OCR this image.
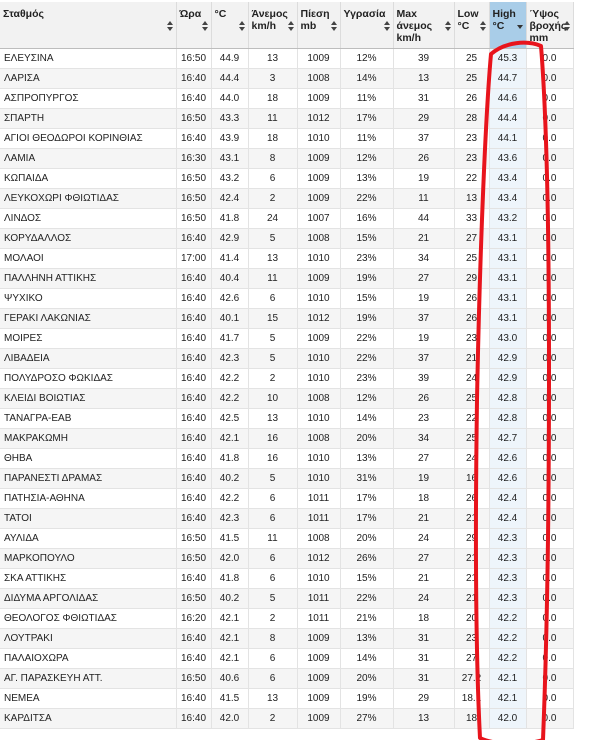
Σταθμός	Ώρα	°C	Άνεμος km/h	Πίεση mb	Υγρασία	Max άνεμος km/h	Low °C	High °C	Ύψος βροχής mm

ΕΛΕΥΣΙΝΑ	16:50	44.9	13	1009	12%	39	25	45.3	0.0
ΛΑΡΙΣΑ	16:40	44.4	3	1008	14%	13	25	44.7	0.0
ΑΣΠΡΟΠΥΡΓΟΣ	16:40	44.0	18	1009	11%	31	26	44.6	0.0
ΣΠΑΡΤΗ	16:50	43.3	11	1012	17%	29	28	44.4	0.0
ΑΓΙΟΙ ΘΕΟΔΩΡΟΙ ΚΟΡΙΝΘΙΑΣ	16:40	43.9	18	1010	11%	37	23	44.1	0.0
ΛΑΜΙΑ	16:30	43.1	8	1009	12%	26	23	43.6	0.0
ΚΩΠΑΙΔΑ	16:50	43.2	6	1009	13%	19	22	43.4	0.0
ΛΕΥΚΟΧΩΡΙ ΦΘΙΩΤΙΔΑΣ	16:50	42.4	2	1009	22%	11	13	43.4	0.0
ΛΙΝΔΟΣ	16:50	41.8	24	1007	16%	44	33	43.2	0.0
ΚΟΡΥΔΑΛΛΟΣ	16:40	42.9	5	1008	15%	21	27	43.1	0.0
ΜΟΛΑΟΙ	17:00	41.4	13	1010	23%	34	25	43.1	0.0
ΠΑΛΛΗΝΗ ΑΤΤΙΚΗΣ	16:40	40.4	11	1009	19%	27	29	43.1	0.0
ΨΥΧΙΚΟ	16:40	42.6	6	1010	15%	19	26	43.1	0.0
ΓΕΡΑΚΙ ΛΑΚΩΝΙΑΣ	16:40	40.1	15	1012	19%	37	26	43.1	0.0
ΜΟΙΡΕΣ	16:40	41.7	5	1009	22%	19	23	43.0	0.0
ΛΙΒΑΔΕΙΑ	16:40	42.3	5	1010	22%	37	21	42.9	0.0
ΠΟΛΥΔΡΟΣΟ ΦΩΚΙΔΑΣ	16:40	42.2	2	1010	23%	39	24	42.9	0.0
ΚΛΕΙΔΙ ΒΟΙΩΤΙΑΣ	16:40	42.2	10	1008	12%	26	25	42.8	0.0
ΤΑΝΑΓΡΑ-ΕΑΒ	16:40	42.5	13	1010	14%	23	22	42.8	0.0
ΜΑΚΡΑΚΩΜΗ	16:40	42.1	16	1008	20%	34	25	42.7	0.0
ΘΗΒΑ	16:40	41.8	16	1010	13%	27	24	42.6	0.0
ΠΑΡΑΝΕΣΤΙ ΔΡΑΜΑΣ	16:40	40.2	5	1010	31%	19	16	42.6	0.0
ΠΑΤΗΣΙΑ-ΑΘΗΝΑ	16:40	42.2	6	1011	17%	18	26	42.4	0.0
ΤΑΤΟΙ	16:40	42.3	6	1011	17%	21	21	42.4	0.0
ΑΥΛΙΔΑ	16:50	41.5	11	1008	20%	24	29	42.3	0.0
ΜΑΡΚΟΠΟΥΛΟ	16:50	42.0	6	1012	26%	27	21	42.3	0.0
ΣΚΑ ΑΤΤΙΚΗΣ	16:40	41.8	6	1010	15%	21	21	42.3	0.0
ΔΙΔΥΜΑ ΑΡΓΟΛΙΔΑΣ	16:50	40.2	5	1011	22%	24	21	42.3	0.0
ΘΕΟΛΟΓΟΣ ΦΘΙΩΤΙΔΑΣ	16:20	42.1	2	1011	21%	18	20	42.2	0.0
ΛΟΥΤΡΑΚΙ	16:40	42.1	8	1009	13%	31	23	42.2	0.0
ΠΑΛΑΙΟΧΩΡΑ	16:40	42.1	6	1009	14%	31	27	42.2	0.0
ΑΓ. ΠΑΡΑΣΚΕΥΗ ΑΤΤ.	16:50	40.6	6	1009	20%	31	27.2	42.1	0.0
ΝΕΜΕΑ	16:40	41.5	13	1009	19%	29	18.1	42.1	0.0
ΚΑΡΔΙΤΣΑ	16:40	42.0	2	1009	27%	13	18	42.0	0.0
